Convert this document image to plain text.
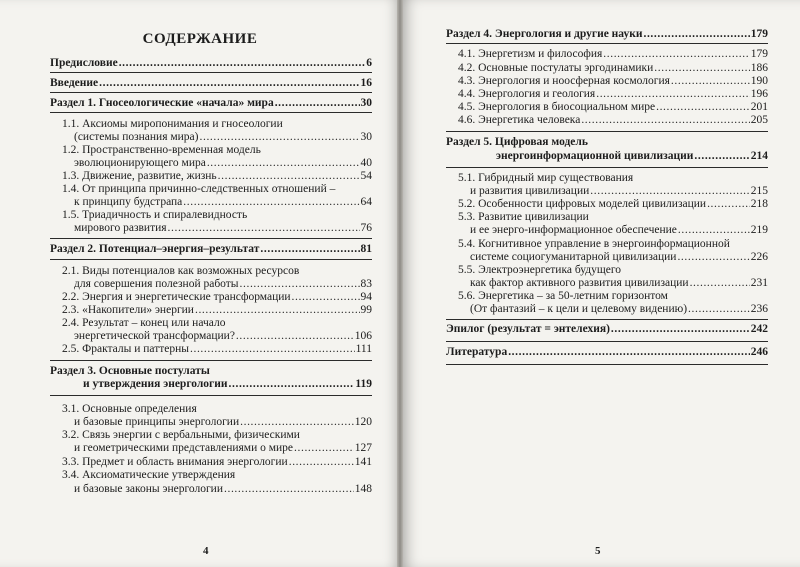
СОДЕРЖАНИЕ
Предисловие .....	6
Введение .....	16
Раздел 1. Гносеологические «начала» мира .....	30
1.1. Аксиомы миропонимания и гносеологии
(системы познания мира) .....	30
1.2. Пространственно-временная модель
эволюционирующего мира .....	40
1.3. Движение, развитие, жизнь .....	54
1.4. От принципа причинно-следственных отношений –
к принципу будстрапа .....	64
1.5. Триадичность и спиралевидность
мирового развития .....	76
Раздел 2. Потенциал–энергия–результат .....	81
2.1. Виды потенциалов как возможных ресурсов
для совершения полезной работы .....	83
2.2. Энергия и энергетические трансформации .....	94
2.3. «Накопители» энергии .....	99
2.4. Результат – конец или начало
энергетической трансформации? .....	106
2.5. Фракталы и паттерны .....	111
Раздел 3. Основные постулаты
и утверждения энергологии .....	119
3.1. Основные определения
и базовые принципы энергологии .....	120
3.2. Связь энергии с вербальными, физическими
и геометрическими представлениями о мире .....	127
3.3. Предмет и область внимания энергологии .....	141
3.4. Аксиоматические утверждения
и базовые законы энергологии .....	148
4
Раздел 4. Энергология и другие науки .....	179
4.1. Энергетизм и философия .....	179
4.2. Основные постулаты эргодинамики .....	186
4.3. Энергология и ноосферная космология .....	190
4.4. Энергология и геология .....	196
4.5. Энергология в биосоциальном мире .....	201
4.6. Энергетика человека .....	205
Раздел 5. Цифровая модель
энергоинформационной цивилизации .....	214
5.1. Гибридный мир существования
и развития цивилизации .....	215
5.2. Особенности цифровых моделей цивилизации .....	218
5.3. Развитие цивилизации
и ее энерго-информационное обеспечение .....	219
5.4. Когнитивное управление в энергоинформационной
системе социогуманитарной цивилизации .....	226
5.5. Электроэнергетика будущего
как фактор активного развития цивилизации .....	231
5.6. Энергетика – за 50-летним горизонтом
(От фантазий – к цели и целевому видению) .....	236
Эпилог (результат = энтелехия) .....	242
Литература .....	246
5
